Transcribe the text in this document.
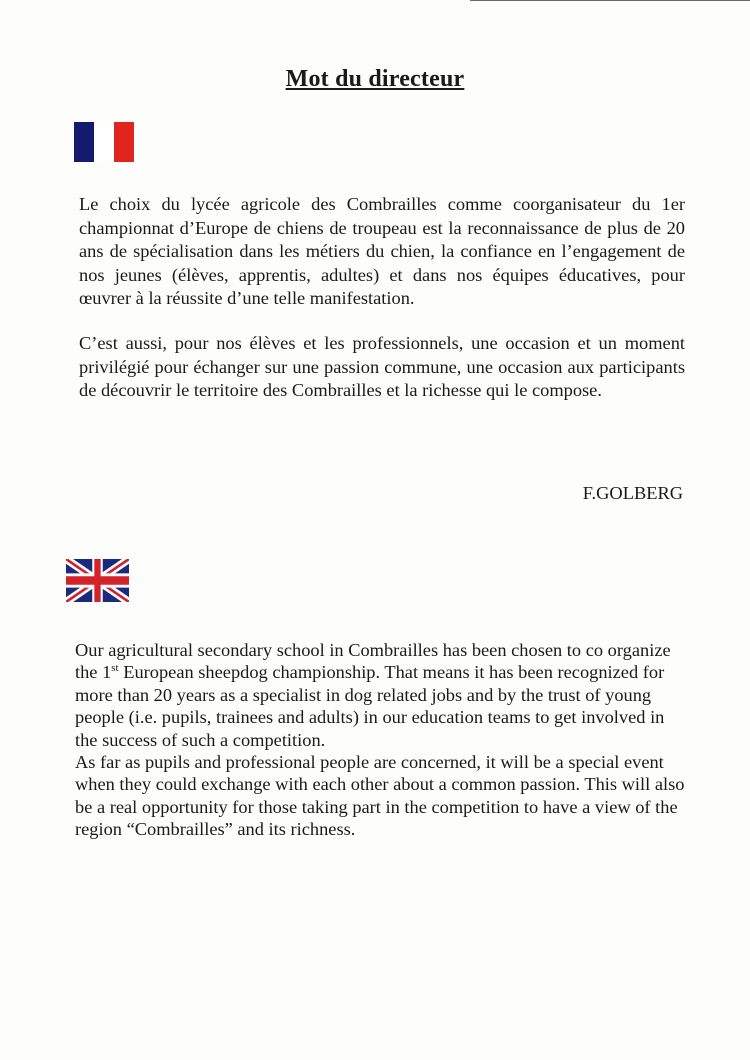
Mot du directeur

Le choix du lycée agricole des Combrailles comme coorganisateur du 1er championnat d’Europe de chiens de troupeau est la reconnaissance de plus de 20 ans de spécialisation dans les métiers du chien, la confiance en l’engagement de nos jeunes (élèves, apprentis, adultes) et dans nos équipes éducatives, pour œuvrer à la réussite d’une telle manifestation.

C’est aussi, pour nos élèves et les professionnels, une occasion et un moment privilégié pour échanger sur une passion commune, une occasion aux participants de découvrir le territoire des Combrailles et la richesse qui le compose.

F.GOLBERG

Our agricultural secondary school in Combrailles has been chosen to co organize the 1st European sheepdog championship. That means it has been recognized for more than 20 years as a specialist in dog related jobs and by the trust of young people (i.e. pupils, trainees and adults) in our education teams to get involved in the success of such a competition.

As far as pupils and professional people are concerned, it will be a special event when they could exchange with each other about a common passion. This will also be a real opportunity for those taking part in the competition to have a view of the region “Combrailles” and its richness.
